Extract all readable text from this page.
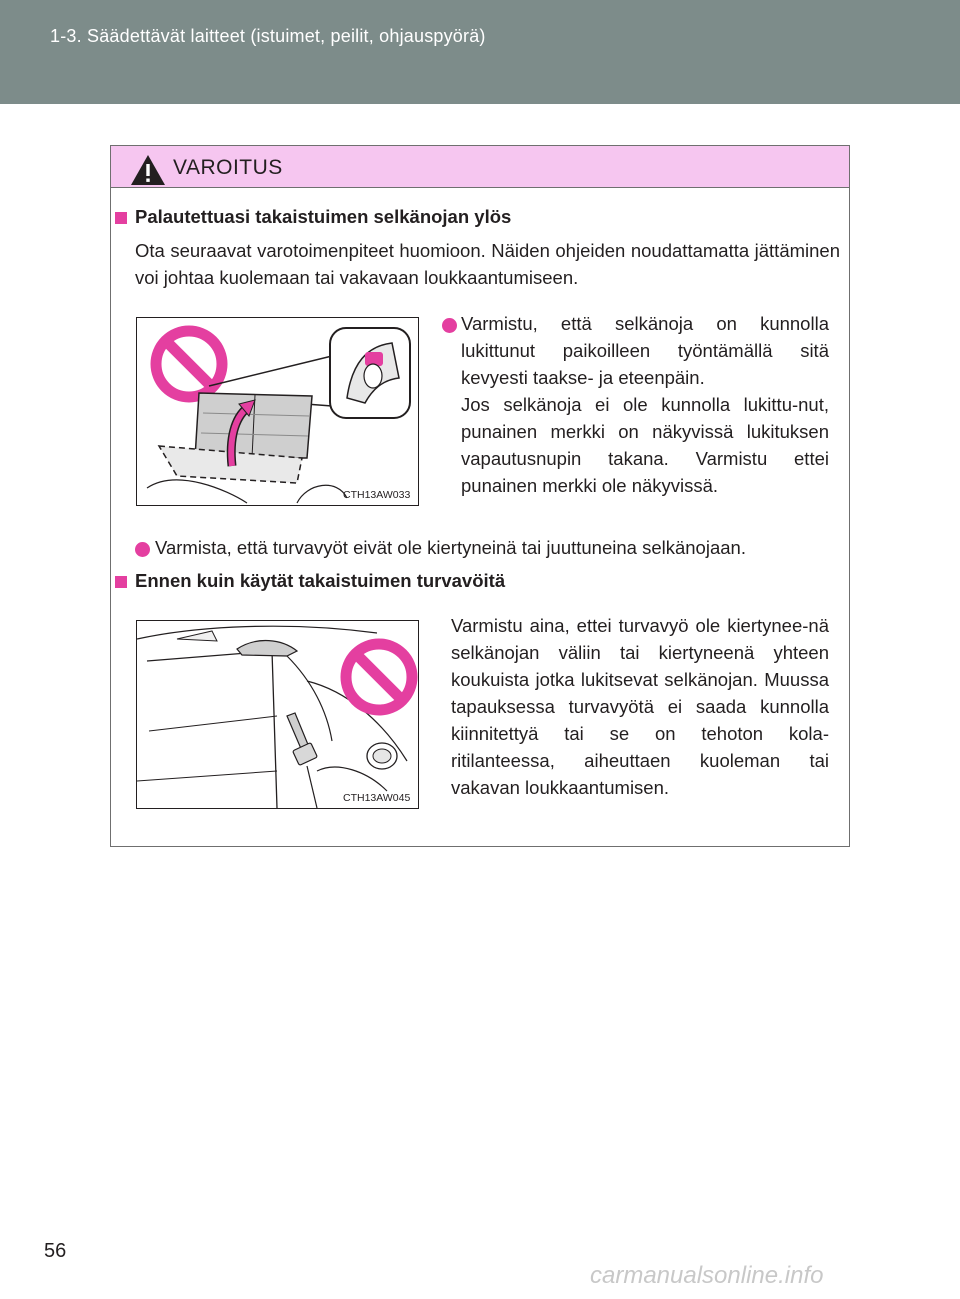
1-3. Säädettävät laitteet (istuimet, peilit, ohjauspyörä)
VAROITUS
Palautettuasi takaistuimen selkänojan ylös
Ota seuraavat varotoimenpiteet huomioon. Näiden ohjeiden noudattamatta jättäminen voi johtaa kuolemaan tai vakavaan loukkaantumiseen.
CTH13AW033
Varmistu, että selkänoja on kunnolla lukittunut paikoilleen työntämällä sitä kevyesti taakse- ja eteenpäin.
Jos selkänoja ei ole kunnolla lukittu-nut, punainen merkki on näkyvissä lukituksen vapautusnupin takana. Varmistu ettei punainen merkki ole näkyvissä.
Varmista, että turvavyöt eivät ole kiertyneinä tai juuttuneina selkänojaan.
Ennen kuin käytät takaistuimen turvavöitä
CTH13AW045
Varmistu aina, ettei turvavyö ole kiertynee-nä selkänojan väliin tai kiertyneenä yhteen koukuista jotka lukitsevat selkänojan. Muussa tapauksessa turvavyötä ei saada kunnolla kiinnitettyä tai se on tehoton kola-ritilanteessa, aiheuttaen kuoleman tai vakavan loukkaantumisen.
56
carmanualsonline.info
